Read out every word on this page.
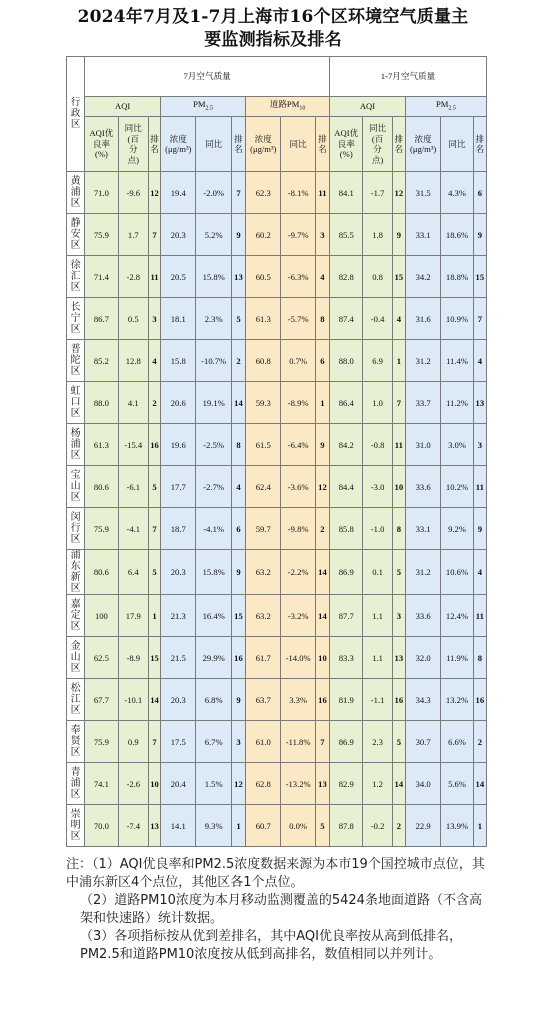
2024年7月及1-7月上海市16个区环境空气质量主
要监测指标及排名
行政区	7月空气质量									1-7月空气质量					
	AQI			$PM_{2.5}$			道路$PM_{10}$			AQI			$PM_{2.5}$
	AQI优
良率
(%)	同比
(百
分
点)	排
名	浓度
(μg/m³)	同比	排
名	浓度
(μg/m³)	同比	排
名	AQI优
良率
(%)	同比
(百
分
点)	排
名	浓度
(μg/m³)	同比	排
名
黄浦区	71.0	-9.6	12	19.4	-2.0%	7	62.3	-8.1%	11	84.1	-1.7	12	31.5	4.3%	6
静安区	75.9	1.7	7	20.3	5.2%	9	60.2	-9.7%	3	85.5	1.8	9	33.1	18.6%	9
徐汇区	71.4	-2.8	11	20.5	15.8%	13	60.5	-6.3%	4	82.8	0.8	15	34.2	18.8%	15
长宁区	86.7	0.5	3	18.1	2.3%	5	61.3	-5.7%	8	87.4	-0.4	4	31.6	10.9%	7
普陀区	85.2	12.8	4	15.8	-10.7%	2	60.8	0.7%	6	88.0	6.9	1	31.2	11.4%	4
虹口区	88.0	4.1	2	20.6	19.1%	14	59.3	-8.9%	1	86.4	1.0	7	33.7	11.2%	13
杨浦区	61.3	-15.4	16	19.6	-2.5%	8	61.5	-6.4%	9	84.2	-0.8	11	31.0	3.0%	3
宝山区	80.6	-6.1	5	17.7	-2.7%	4	62.4	-3.6%	12	84.4	-3.0	10	33.6	10.2%	11
闵行区	75.9	-4.1	7	18.7	-4.1%	6	59.7	-9.8%	2	85.8	-1.0	8	33.1	9.2%	9
浦东新区	80.6	6.4	5	20.3	15.8%	9	63.2	-2.2%	14	86.9	0.1	5	31.2	10.6%	4
嘉定区	100	17.9	1	21.3	16.4%	15	63.2	-3.2%	14	87.7	1.1	3	33.6	12.4%	11
金山区	62.5	-8.9	15	21.5	29.9%	16	61.7	-14.0%	10	83.3	1.1	13	32.0	11.9%	8
松江区	67.7	-10.1	14	20.3	6.8%	9	63.7	3.3%	16	81.9	-1.1	16	34.3	13.2%	16
奉贤区	75.9	0.9	7	17.5	6.7%	3	61.0	-11.8%	7	86.9	2.3	5	30.7	6.6%	2
青浦区	74.1	-2.6	10	20.4	1.5%	12	62.8	-13.2%	13	82.9	1.2	14	34.0	5.6%	14
崇明区	70.0	-7.4	13	14.1	9.3%	1	60.7	0.0%	5	87.8	-0.2	2	22.9	13.9%	1

注：（1）AQI优良率和PM2.5浓度数据来源为本市19个国控城市点位，其中浦东新区4个点位，其他区各1个点位。

（2）道路PM10浓度为本月移动监测覆盖的5424条地面道路（不含高架和快速路）统计数据。

（3）各项指标按从优到差排名，其中AQI优良率按从高到低排名，PM2.5和道路PM10浓度按从低到高排名，数值相同以并列计。
